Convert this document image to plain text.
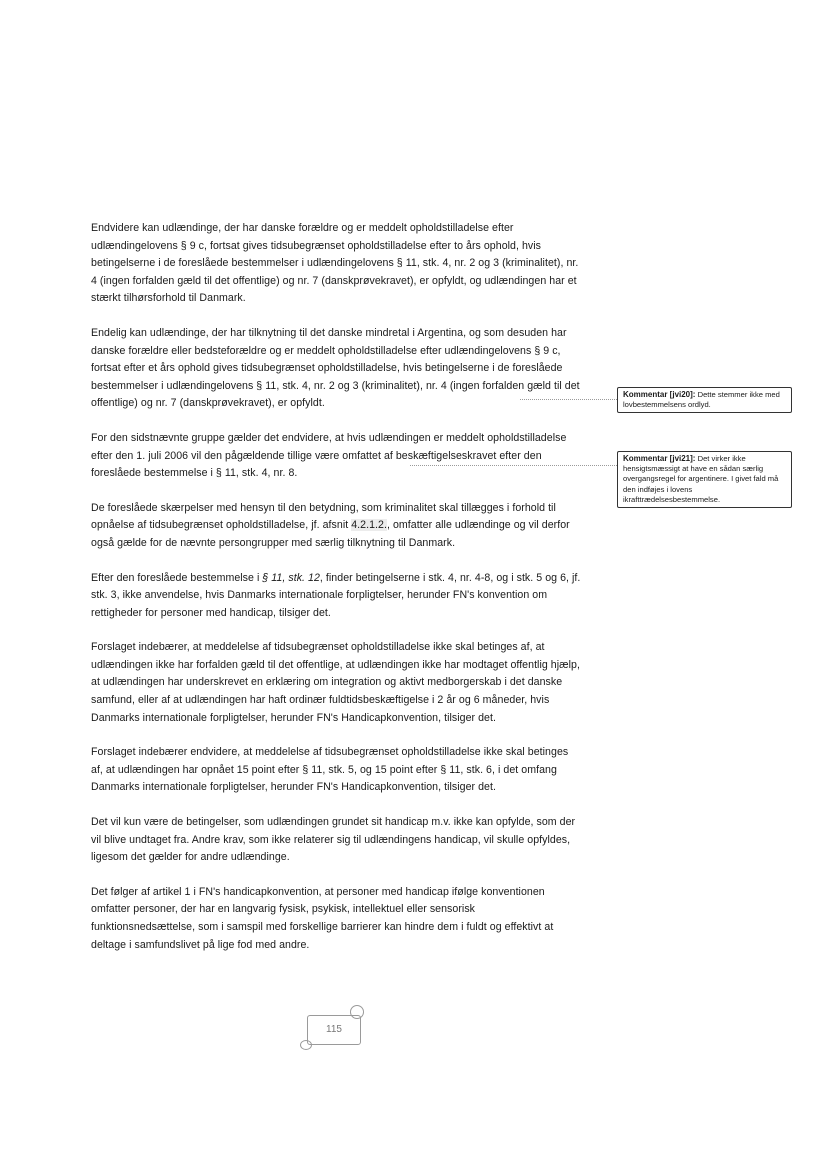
Endvidere kan udlændinge, der har danske forældre og er meddelt opholdstilladelse efter udlændingelovens § 9 c, fortsat gives tidsubegrænset opholdstilladelse efter to års ophold, hvis betingelserne i de foreslåede bestemmelser i udlændingelovens § 11, stk. 4, nr. 2 og 3 (kriminalitet), nr. 4 (ingen forfalden gæld til det offentlige) og nr. 7 (danskprøvekravet), er opfyldt, og udlændingen har et stærkt tilhørsforhold til Danmark.

Endelig kan udlændinge, der har tilknytning til det danske mindretal i Argentina, og som desuden har danske forældre eller bedsteforældre og er meddelt opholdstilladelse efter udlændingelovens § 9 c, fortsat efter et års ophold gives tidsubegrænset opholdstilladelse, hvis betingelserne i de foreslåede bestemmelser i udlændingelovens § 11, stk. 4, nr. 2 og 3 (kriminalitet), nr. 4 (ingen forfalden gæld til det offentlige) og nr. 7 (danskprøvekravet), er opfyldt.

For den sidstnævnte gruppe gælder det endvidere, at hvis udlændingen er meddelt opholdstilladelse efter den 1. juli 2006 vil den pågældende tillige være omfattet af beskæftigelseskravet efter den foreslåede bestemmelse i § 11, stk. 4, nr. 8.

De foreslåede skærpelser med hensyn til den betydning, som kriminalitet skal tillægges i forhold til opnåelse af tidsubegrænset opholdstilladelse, jf. afsnit 4.2.1.2., omfatter alle udlændinge og vil derfor også gælde for de nævnte persongrupper med særlig tilknytning til Danmark.

Efter den foreslåede bestemmelse i § 11, stk. 12, finder betingelserne i stk. 4, nr. 4-8, og i stk. 5 og 6, jf. stk. 3, ikke anvendelse, hvis Danmarks internationale forpligtelser, herunder FN's konvention om rettigheder for personer med handicap, tilsiger det.

Forslaget indebærer, at meddelelse af tidsubegrænset opholdstilladelse ikke skal betinges af, at udlændingen ikke har forfalden gæld til det offentlige, at udlændingen ikke har modtaget offentlig hjælp, at udlændingen har underskrevet en erklæring om integration og aktivt medborgerskab i det danske samfund, eller af at udlændingen har haft ordinær fuldtidsbeskæftigelse i 2 år og 6 måneder, hvis Danmarks internationale forpligtelser, herunder FN's Handicapkonvention, tilsiger det.

Forslaget indebærer endvidere, at meddelelse af tidsubegrænset opholdstilladelse ikke skal betinges af, at udlændingen har opnået 15 point efter § 11, stk. 5, og 15 point efter § 11, stk. 6, i det omfang Danmarks internationale forpligtelser, herunder FN's Handicapkonvention, tilsiger det.

Det vil kun være de betingelser, som udlændingen grundet sit handicap m.v. ikke kan opfylde, som der vil blive undtaget fra. Andre krav, som ikke relaterer sig til udlændingens handicap, vil skulle opfyldes, ligesom det gælder for andre udlændinge.

Det følger af artikel 1 i FN's handicapkonvention, at personer med handicap ifølge konventionen omfatter personer, der har en langvarig fysisk, psykisk, intellektuel eller sensorisk funktionsnedsættelse, som i samspil med forskellige barrierer kan hindre dem i fuldt og effektivt at deltage i samfundslivet på lige fod med andre.

Kommentar [jvi20]: Dette stemmer ikke med lovbestemmelsens ordlyd.
Kommentar [jvi21]: Det virker ikke hensigtsmæssigt at have en sådan særlig overgangsregel for argentinere. I givet fald må den indføjes i lovens ikrafttrædelsesbestemmelse.
115
